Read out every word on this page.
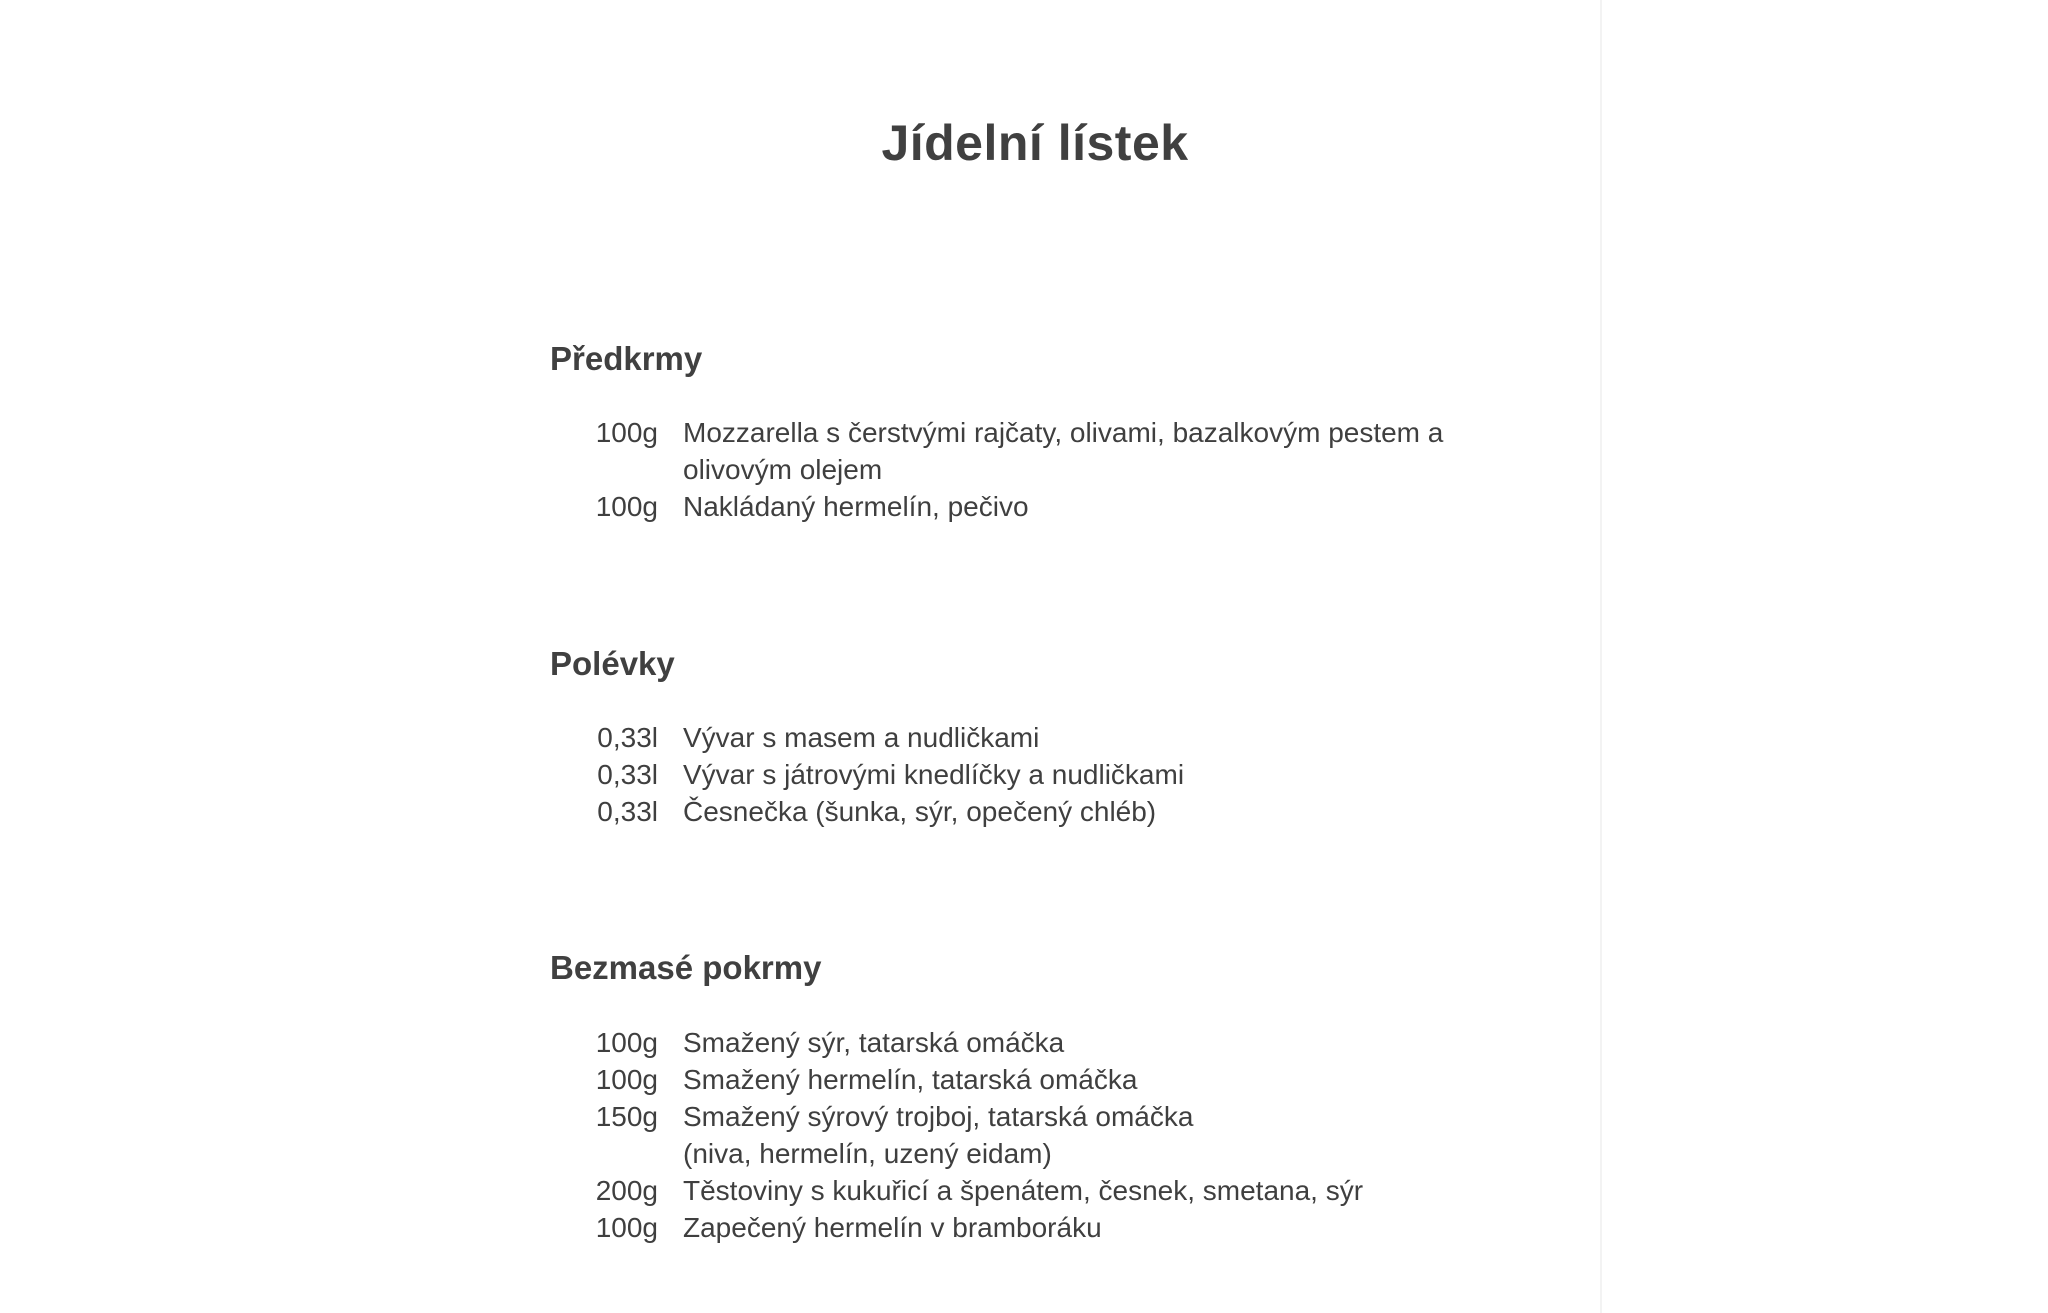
Jídelní lístek
Předkrmy
100g Mozzarella s čerstvými rajčaty, olivami, bazalkovým pestem a
olivovým olejem
100g Nakládaný hermelín, pečivo
Polévky
0,33l Vývar s masem a nudličkami
0,33l Vývar s játrovými knedlíčky a nudličkami
0,33l Česnečka (šunka, sýr, opečený chléb)
Bezmasé pokrmy
100g Smažený sýr, tatarská omáčka
100g Smažený hermelín, tatarská omáčka
150g Smažený sýrový trojboj, tatarská omáčka
(niva, hermelín, uzený eidam)
200g Těstoviny s kukuřicí a špenátem, česnek, smetana, sýr
100g Zapečený hermelín v bramboráku
